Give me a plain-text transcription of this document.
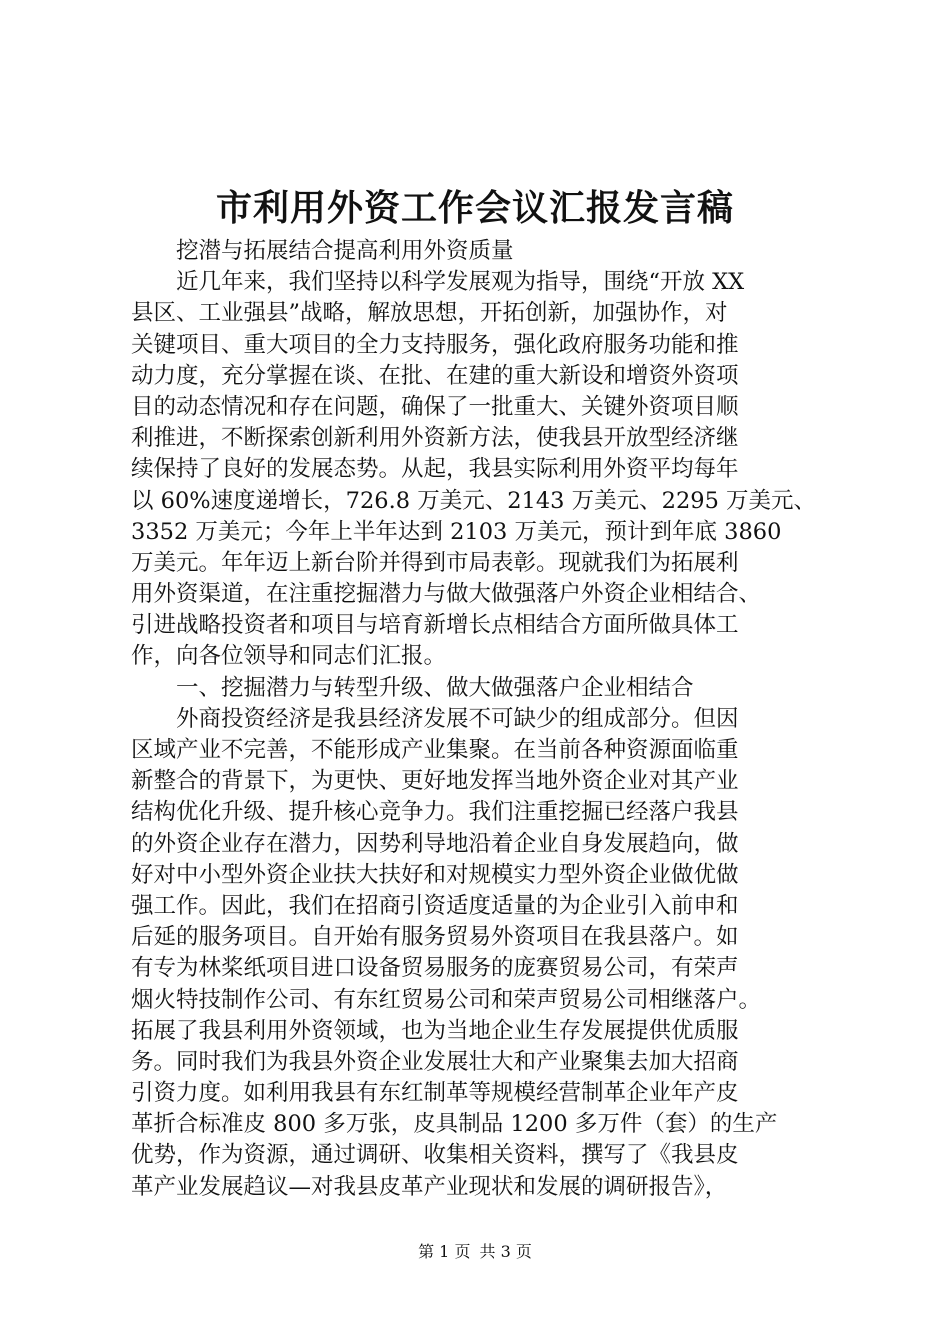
市利用外资工作会议汇报发言稿
挖潜与拓展结合提高利用外资质量
近几年来，我们坚持以科学发展观为指导，围绕“开放 XX
县区、工业强县”战略，解放思想，开拓创新，加强协作，对
关键项目、重大项目的全力支持服务，强化政府服务功能和推
动力度，充分掌握在谈、在批、在建的重大新设和增资外资项
目的动态情况和存在问题，确保了一批重大、关键外资项目顺
利推进，不断探索创新利用外资新方法，使我县开放型经济继
续保持了良好的发展态势。从起，我县实际利用外资平均每年
以 60%速度递增长，726.8 万美元、2143 万美元、2295 万美元、
3352 万美元；今年上半年达到 2103 万美元，预计到年底 3860
万美元。年年迈上新台阶并得到市局表彰。现就我们为拓展利
用外资渠道，在注重挖掘潜力与做大做强落户外资企业相结合、
引进战略投资者和项目与培育新增长点相结合方面所做具体工
作，向各位领导和同志们汇报。
一、挖掘潜力与转型升级、做大做强落户企业相结合
外商投资经济是我县经济发展不可缺少的组成部分。但因
区域产业不完善，不能形成产业集聚。在当前各种资源面临重
新整合的背景下，为更快、更好地发挥当地外资企业对其产业
结构优化升级、提升核心竞争力。我们注重挖掘已经落户我县
的外资企业存在潜力，因势利导地沿着企业自身发展趋向，做
好对中小型外资企业扶大扶好和对规模实力型外资企业做优做
强工作。因此，我们在招商引资适度适量的为企业引入前申和
后延的服务项目。自开始有服务贸易外资项目在我县落户。如
有专为林桨纸项目进口设备贸易服务的庞赛贸易公司，有荣声
烟火特技制作公司、有东红贸易公司和荣声贸易公司相继落户。
拓展了我县利用外资领域，也为当地企业生存发展提供优质服
务。同时我们为我县外资企业发展壮大和产业聚集去加大招商
引资力度。如利用我县有东红制革等规模经营制革企业年产皮
革折合标准皮 800 多万张，皮具制品 1200 多万件（套）的生产
优势，作为资源，通过调研、收集相关资料，撰写了《我县皮
革产业发展趋议—对我县皮革产业现状和发展的调研报告》，
第 1 页 共 3 页
